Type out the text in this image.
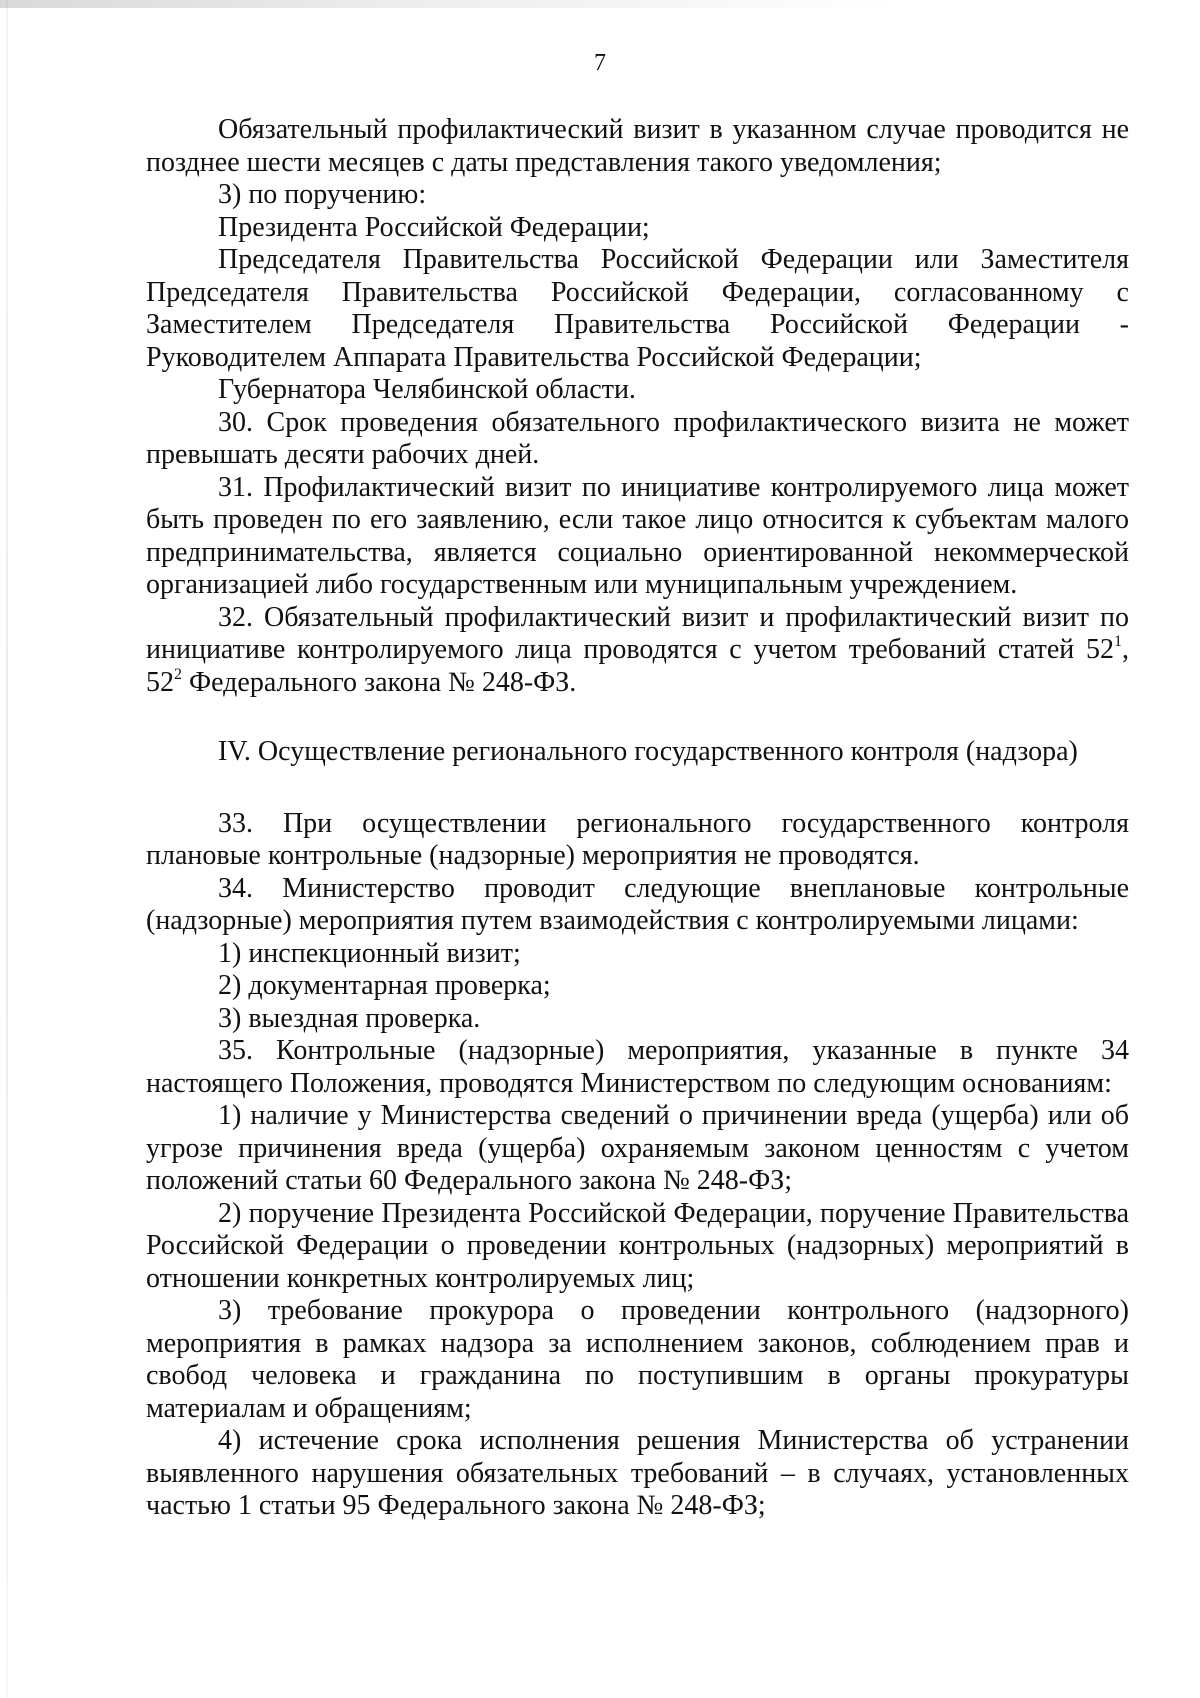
7

Обязательный профилактический визит в указанном случае проводится не позднее шести месяцев с даты представления такого уведомления;

3) по поручению:

Президента Российской Федерации;

Председателя Правительства Российской Федерации или Заместителя Председателя Правительства Российской Федерации, согласованному с Заместителем Председателя Правительства Российской Федерации - Руководителем Аппарата Правительства Российской Федерации;

Губернатора Челябинской области.

30. Срок проведения обязательного профилактического визита не может превышать десяти рабочих дней.

31. Профилактический визит по инициативе контролируемого лица может быть проведен по его заявлению, если такое лицо относится к субъектам малого предпринимательства, является социально ориентированной некоммерческой организацией либо государственным или муниципальным учреждением.

32. Обязательный профилактический визит и профилактический визит по инициативе контролируемого лица проводятся с учетом требований статей $52^1$, $52^2$ Федерального закона № 248-ФЗ.

IV. Осуществление регионального государственного контроля (надзора)

33. При осуществлении регионального государственного контроля плановые контрольные (надзорные) мероприятия не проводятся.

34. Министерство проводит следующие внеплановые контрольные (надзорные) мероприятия путем взаимодействия с контролируемыми лицами:

1) инспекционный визит;

2) документарная проверка;

3) выездная проверка.

35. Контрольные (надзорные) мероприятия, указанные в пункте 34 настоящего Положения, проводятся Министерством по следующим основаниям:

1) наличие у Министерства сведений о причинении вреда (ущерба) или об угрозе причинения вреда (ущерба) охраняемым законом ценностям с учетом положений статьи 60 Федерального закона № 248-ФЗ;

2) поручение Президента Российской Федерации, поручение Правительства Российской Федерации о проведении контрольных (надзорных) мероприятий в отношении конкретных контролируемых лиц;

3) требование прокурора о проведении контрольного (надзорного) мероприятия в рамках надзора за исполнением законов, соблюдением прав и свобод человека и гражданина по поступившим в органы прокуратуры материалам и обращениям;

4) истечение срока исполнения решения Министерства об устранении выявленного нарушения обязательных требований – в случаях, установленных частью 1 статьи 95 Федерального закона № 248-ФЗ;
